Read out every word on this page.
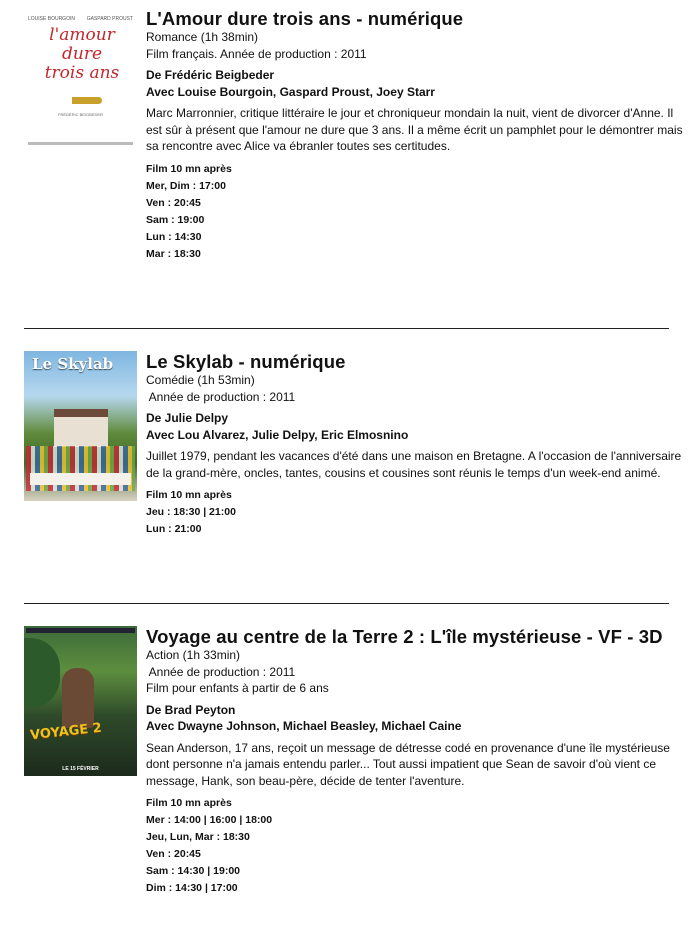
LOUISE BOURGOIN GASPARD PROUST
l'amour dure trois ans
FRÉDÉRIC BEIGBEDER
L'Amour dure trois ans - numérique
Romance (1h 38min)
Film français. Année de production : 2011
De Frédéric Beigbeder
Avec Louise Bourgoin, Gaspard Proust, Joey Starr
Marc Marronnier, critique littéraire le jour et chroniqueur mondain la nuit, vient de divorcer d'Anne. Il est sûr à présent que l'amour ne dure que 3 ans. Il a même écrit un pamphlet pour le démontrer mais sa rencontre avec Alice va ébranler toutes ses certitudes.
Film 10 mn après
Mer, Dim : 17:00
Ven : 20:45
Sam : 19:00
Lun : 14:30
Mar : 18:30
Le Skylab Le Skylab - numérique
Comédie (1h 53min)
Année de production : 2011
De Julie Delpy
Avec Lou Alvarez, Julie Delpy, Eric Elmosnino
Juillet 1979, pendant les vacances d'été dans une maison en Bretagne. A l'occasion de l'anniversaire de la grand-mère, oncles, tantes, cousins et cousines sont réunis le temps d'un week-end animé.
Film 10 mn après
Jeu : 18:30 | 21:00
Lun : 21:00
VOYAGE 2
LE 15 FÉVRIER
Voyage au centre de la Terre 2 : L'île mystérieuse - VF - 3D
Action (1h 33min)
Année de production : 2011
Film pour enfants à partir de 6 ans
De Brad Peyton
Avec Dwayne Johnson, Michael Beasley, Michael Caine
Sean Anderson, 17 ans, reçoit un message de détresse codé en provenance d'une île mystérieuse dont personne n'a jamais entendu parler... Tout aussi impatient que Sean de savoir d'où vient ce message, Hank, son beau-père, décide de tenter l'aventure.
Film 10 mn après
Mer : 14:00 | 16:00 | 18:00
Jeu, Lun, Mar : 18:30
Ven : 20:45
Sam : 14:30 | 19:00
Dim : 14:30 | 17:00
